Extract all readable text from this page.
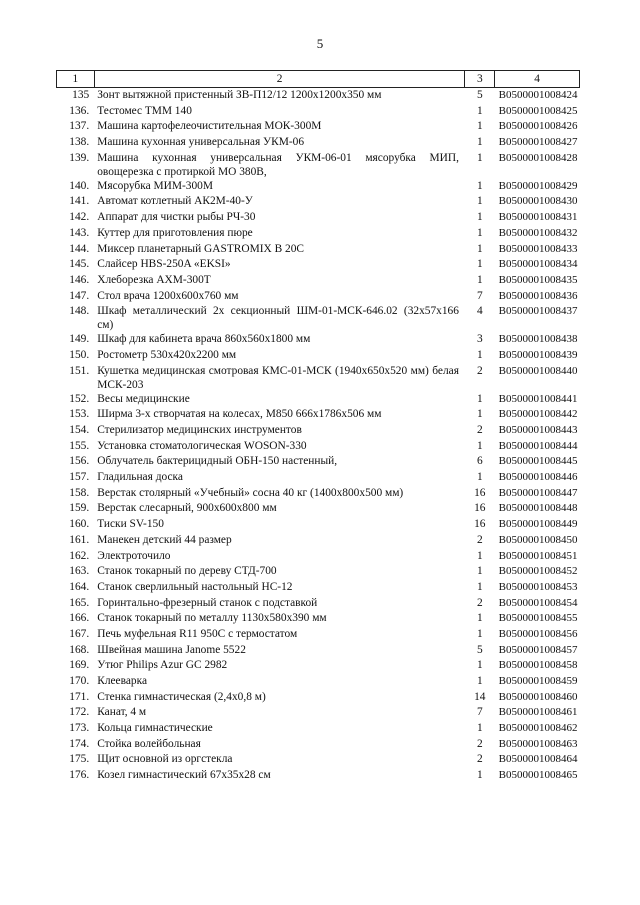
5
1	2	3	4
135	Зонт вытяжной пристенный ЗВ-П12/12 1200х1200х350 мм	5	B0500001008424
136.	Тестомес ТММ 140	1	B0500001008425
137.	Машина картофелеочистительная МОК-300М	1	B0500001008426
138.	Машина кухонная универсальная УКМ-06	1	B0500001008427
139.	Машина кухонная универсальная УКМ-06-01 мясорубка МИП, овощерезка с протиркой МО 380В,	1	B0500001008428
140.	Мясорубка МИМ-300М	1	B0500001008429
141.	Автомат котлетный АК2М-40-У	1	B0500001008430
142.	Аппарат для чистки рыбы РЧ-30	1	B0500001008431
143.	Куттер для приготовления пюре	1	B0500001008432
144.	Миксер планетарный GASTROMIX B 20C	1	B0500001008433
145.	Слайсер HBS-250A «EKSI»	1	B0500001008434
146.	Хлеборезка АХМ-300Т	1	B0500001008435
147.	Стол врача 1200х600х760 мм	7	B0500001008436
148.	Шкаф металлический 2х секционный ШМ-01-МСК-646.02 (32х57х166 см)	4	B0500001008437
149.	Шкаф для кабинета врача 860х560х1800 мм	3	B0500001008438
150.	Ростометр 530х420х2200 мм	1	B0500001008439
151.	Кушетка медицинская смотровая КМС-01-МСК (1940х650х520 мм) белая МСК-203	2	B0500001008440
152.	Весы медицинские	1	B0500001008441
153.	Ширма 3-х створчатая на колесах, М850 666х1786х506 мм	1	B0500001008442
154.	Стерилизатор медицинских инструментов	2	B0500001008443
155.	Установка стоматологическая WOSON-330	1	B0500001008444
156.	Облучатель бактерицидный ОБН-150 настенный,	6	B0500001008445
157.	Гладильная доска	1	B0500001008446
158.	Верстак столярный «Учебный» сосна 40 кг (1400х800х500 мм)	16	B0500001008447
159.	Верстак слесарный, 900х600х800 мм	16	B0500001008448
160.	Тиски SV-150	16	B0500001008449
161.	Манекен детский 44 размер	2	B0500001008450
162.	Электроточило	1	B0500001008451
163.	Станок токарный по дереву СТД-700	1	B0500001008452
164.	Станок сверлильный настольный НС-12	1	B0500001008453
165.	Горинтально-фрезерный станок с подставкой	2	B0500001008454
166.	Станок токарный по металлу 1130х580х390 мм	1	B0500001008455
167.	Печь муфельная R11 950C с термостатом	1	B0500001008456
168.	Швейная машина Janome 5522	5	B0500001008457
169.	Утюг Philips Azur GC 2982	1	B0500001008458
170.	Клееварка	1	B0500001008459
171.	Стенка гимнастическая (2,4х0,8 м)	14	B0500001008460
172.	Канат, 4 м	7	B0500001008461
173.	Кольца гимнастические	1	B0500001008462
174.	Стойка волейбольная	2	B0500001008463
175.	Щит основной из оргстекла	2	B0500001008464
176.	Козел гимнастический 67х35х28 см	1	B0500001008465
